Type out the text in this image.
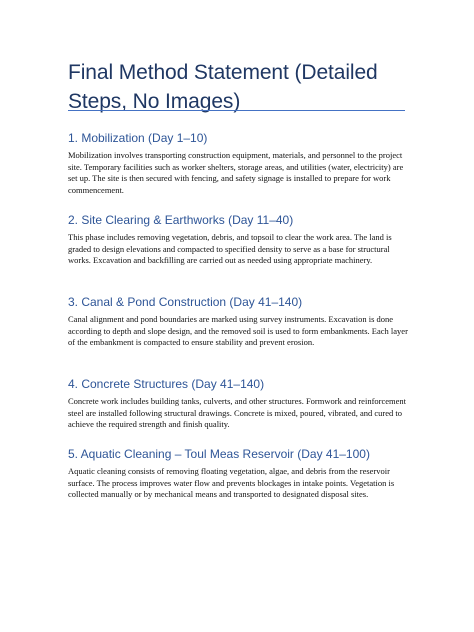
Final Method Statement (Detailed Steps, No Images)
1. Mobilization (Day 1–10)

Mobilization involves transporting construction equipment, materials, and personnel to the project site. Temporary facilities such as worker shelters, storage areas, and utilities (water, electricity) are set up. The site is then secured with fencing, and safety signage is installed to prepare for work commencement.

2. Site Clearing & Earthworks (Day 11–40)

This phase includes removing vegetation, debris, and topsoil to clear the work area. The land is graded to design elevations and compacted to specified density to serve as a base for structural works. Excavation and backfilling are carried out as needed using appropriate machinery.

3. Canal & Pond Construction (Day 41–140)

Canal alignment and pond boundaries are marked using survey instruments. Excavation is done according to depth and slope design, and the removed soil is used to form embankments. Each layer of the embankment is compacted to ensure stability and prevent erosion.

4. Concrete Structures (Day 41–140)

Concrete work includes building tanks, culverts, and other structures. Formwork and reinforcement steel are installed following structural drawings. Concrete is mixed, poured, vibrated, and cured to achieve the required strength and finish quality.

5. Aquatic Cleaning – Toul Meas Reservoir (Day 41–100)

Aquatic cleaning consists of removing floating vegetation, algae, and debris from the reservoir surface. The process improves water flow and prevents blockages in intake points. Vegetation is collected manually or by mechanical means and transported to designated disposal sites.
